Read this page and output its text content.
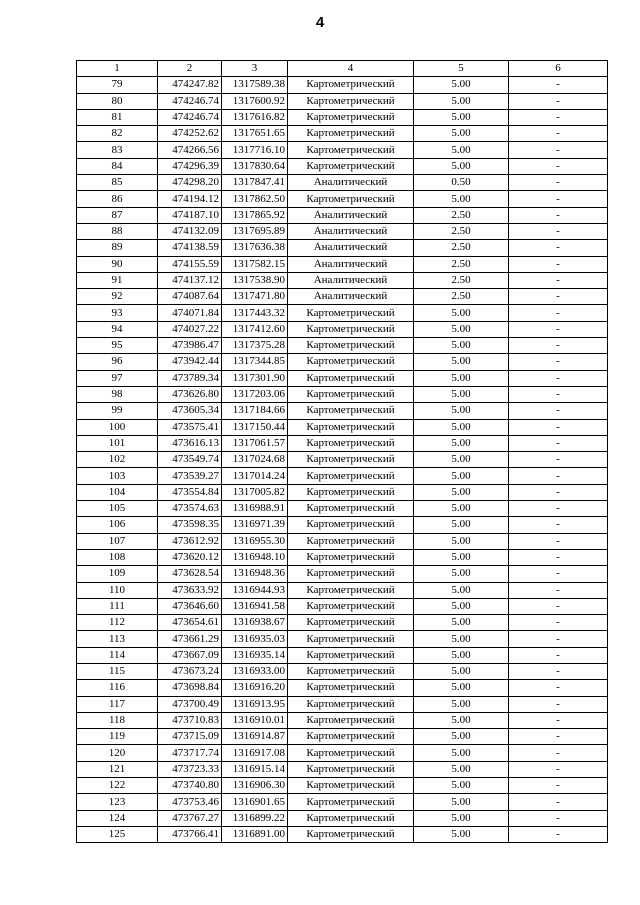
4
1	2	3	4	5	6
79	474247.82	1317589.38	Картометрический	5.00	-
80	474246.74	1317600.92	Картометрический	5.00	-
81	474246.74	1317616.82	Картометрический	5.00	-
82	474252.62	1317651.65	Картометрический	5.00	-
83	474266.56	1317716.10	Картометрический	5.00	-
84	474296.39	1317830.64	Картометрический	5.00	-
85	474298.20	1317847.41	Аналитический	0.50	-
86	474194.12	1317862.50	Картометрический	5.00	-
87	474187.10	1317865.92	Аналитический	2.50	-
88	474132.09	1317695.89	Аналитический	2.50	-
89	474138.59	1317636.38	Аналитический	2.50	-
90	474155.59	1317582.15	Аналитический	2.50	-
91	474137.12	1317538.90	Аналитический	2.50	-
92	474087.64	1317471.80	Аналитический	2.50	-
93	474071.84	1317443.32	Картометрический	5.00	-
94	474027.22	1317412.60	Картометрический	5.00	-
95	473986.47	1317375.28	Картометрический	5.00	-
96	473942.44	1317344.85	Картометрический	5.00	-
97	473789.34	1317301.90	Картометрический	5.00	-
98	473626.80	1317203.06	Картометрический	5.00	-
99	473605.34	1317184.66	Картометрический	5.00	-
100	473575.41	1317150.44	Картометрический	5.00	-
101	473616.13	1317061.57	Картометрический	5.00	-
102	473549.74	1317024.68	Картометрический	5.00	-
103	473539.27	1317014.24	Картометрический	5.00	-
104	473554.84	1317005.82	Картометрический	5.00	-
105	473574.63	1316988.91	Картометрический	5.00	-
106	473598.35	1316971.39	Картометрический	5.00	-
107	473612.92	1316955.30	Картометрический	5.00	-
108	473620.12	1316948.10	Картометрический	5.00	-
109	473628.54	1316948.36	Картометрический	5.00	-
110	473633.92	1316944.93	Картометрический	5.00	-
111	473646.60	1316941.58	Картометрический	5.00	-
112	473654.61	1316938.67	Картометрический	5.00	-
113	473661.29	1316935.03	Картометрический	5.00	-
114	473667.09	1316935.14	Картометрический	5.00	-
115	473673.24	1316933.00	Картометрический	5.00	-
116	473698.84	1316916.20	Картометрический	5.00	-
117	473700.49	1316913.95	Картометрический	5.00	-
118	473710.83	1316910.01	Картометрический	5.00	-
119	473715.09	1316914.87	Картометрический	5.00	-
120	473717.74	1316917.08	Картометрический	5.00	-
121	473723.33	1316915.14	Картометрический	5.00	-
122	473740.80	1316906.30	Картометрический	5.00	-
123	473753.46	1316901.65	Картометрический	5.00	-
124	473767.27	1316899.22	Картометрический	5.00	-
125	473766.41	1316891.00	Картометрический	5.00	-
